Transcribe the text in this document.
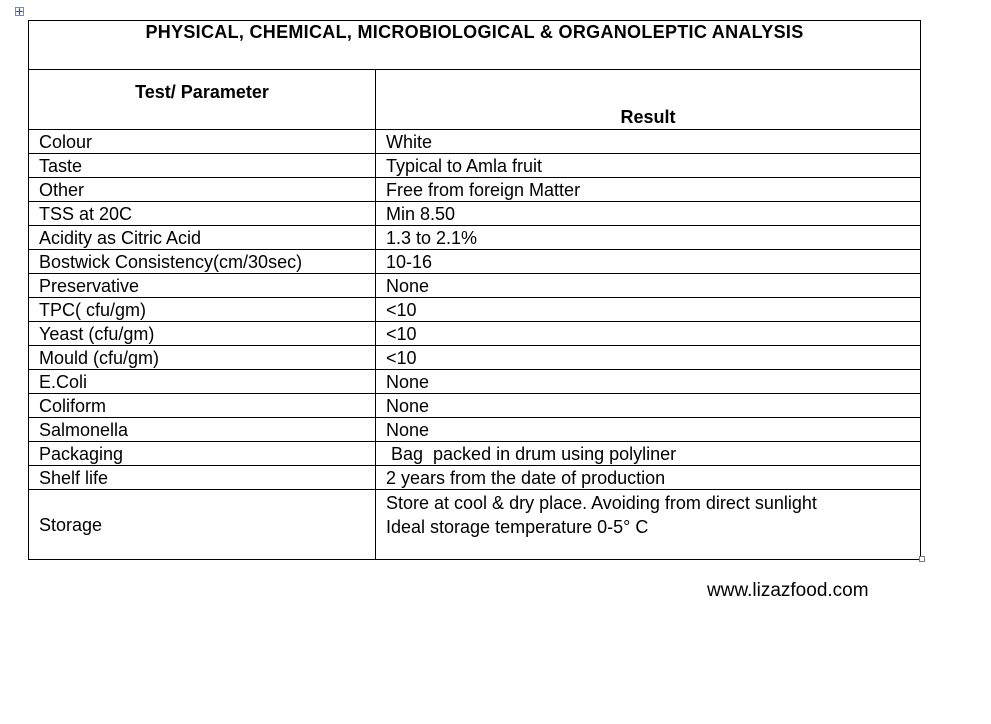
PHYSICAL, CHEMICAL, MICROBIOLOGICAL & ORGANOLEPTIC ANALYSIS	
Test/ Parameter	Result
Colour	White
Taste	Typical to Amla fruit
Other	Free from foreign Matter
TSS at 20C	Min 8.50
Acidity as Citric Acid	1.3 to 2.1%
Bostwick Consistency(cm/30sec)	10-16
Preservative	None
TPC( cfu/gm)	<10
Yeast (cfu/gm)	<10
Mould (cfu/gm)	<10
E.Coli	None
Coliform	None
Salmonella	None
Packaging	Bag  packed in drum using polyliner
Shelf life	2 years from the date of production
Storage	Store at cool & dry place. Avoiding from direct sunlight
Ideal storage temperature 0-5° C
www.lizazfood.com
